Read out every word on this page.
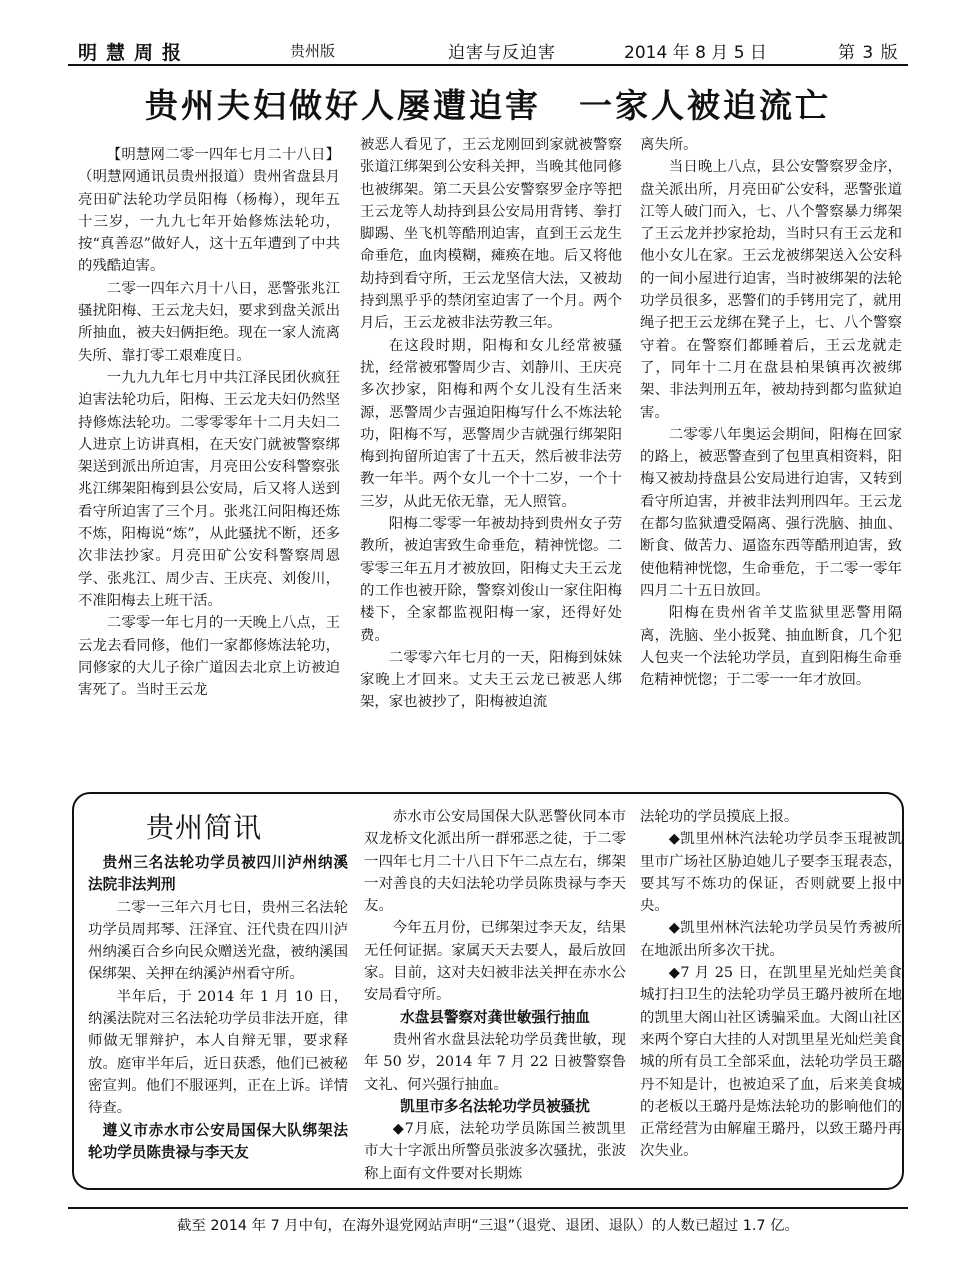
明慧周报	贵州版	迫害与反迫害	2014 年 8 月 5 日	第 3 版
贵州夫妇做好人屡遭迫害 一家人被迫流亡

【明慧网二零一四年七月二十八日】（明慧网通讯员贵州报道）贵州省盘县月亮田矿法轮功学员阳梅（杨梅），现年五十三岁，一九九七年开始修炼法轮功，按“真善忍”做好人，这十五年遭到了中共的残酷迫害。

二零一四年六月十八日，恶警张兆江骚扰阳梅、王云龙夫妇，要求到盘关派出所抽血，被夫妇俩拒绝。现在一家人流离失所、靠打零工艰难度日。

一九九九年七月中共江泽民团伙疯狂迫害法轮功后，阳梅、王云龙夫妇仍然坚持修炼法轮功。二零零零年十二月夫妇二人进京上访讲真相，在天安门就被警察绑架送到派出所迫害，月亮田公安科警察张兆江绑架阳梅到县公安局，后又将人送到看守所迫害了三个月。张兆江问阳梅还炼不炼，阳梅说“炼”，从此骚扰不断，还多次非法抄家。月亮田矿公安科警察周恩学、张兆江、周少吉、王庆亮、刘俊川，不准阳梅去上班干活。

二零零一年七月的一天晚上八点，王云龙去看同修，他们一家都修炼法轮功，同修家的大儿子徐广道因去北京上访被迫害死了。当时王云龙

被恶人看见了，王云龙刚回到家就被警察张道江绑架到公安科关押，当晚其他同修也被绑架。第二天县公安警察罗金序等把王云龙等人劫持到县公安局用背铐、拳打脚踢、坐飞机等酷刑迫害，直到王云龙生命垂危，血肉模糊，瘫痪在地。后又将他劫持到看守所，王云龙坚信大法，又被劫持到黑乎乎的禁闭室迫害了一个月。两个月后，王云龙被非法劳教三年。

在这段时期，阳梅和女儿经常被骚扰，经常被邪警周少吉、刘静川、王庆亮多次抄家，阳梅和两个女儿没有生活来源，恶警周少吉强迫阳梅写什么不炼法轮功，阳梅不写，恶警周少吉就强行绑架阳梅到拘留所迫害了十五天，然后被非法劳教一年半。两个女儿一个十二岁，一个十三岁，从此无依无靠，无人照管。

阳梅二零零一年被劫持到贵州女子劳教所，被迫害致生命垂危，精神恍惚。二零零三年五月才被放回，阳梅丈夫王云龙的工作也被开除，警察刘俊山一家住阳梅楼下，全家都监视阳梅一家，还得好处费。

二零零六年七月的一天，阳梅到妹妹家晚上才回来。丈夫王云龙已被恶人绑架，家也被抄了，阳梅被迫流

离失所。

当日晚上八点，县公安警察罗金序，盘关派出所，月亮田矿公安科，恶警张道江等人破门而入，七、八个警察暴力绑架了王云龙并抄家抢劫，当时只有王云龙和他小女儿在家。王云龙被绑架送入公安科的一间小屋进行迫害，当时被绑架的法轮功学员很多，恶警们的手铐用完了，就用绳子把王云龙绑在凳子上，七、八个警察守着。在警察们都睡着后，王云龙就走了，同年十二月在盘县柏果镇再次被绑架、非法判刑五年，被劫持到都匀监狱迫害。

二零零八年奥运会期间，阳梅在回家的路上，被恶警查到了包里真相资料，阳梅又被劫持盘县公安局进行迫害，又转到看守所迫害，并被非法判刑四年。王云龙在都匀监狱遭受隔离、强行洗脑、抽血、断食、做苦力、逼盗东西等酷刑迫害，致使他精神恍惚，生命垂危，于二零一零年四月二十五日放回。

阳梅在贵州省羊艾监狱里恶警用隔离，洗脑、坐小扳凳、抽血断食，几个犯人包夹一个法轮功学员，直到阳梅生命垂危精神恍惚；于二零一一年才放回。

贵州简讯

贵州三名法轮功学员被四川泸州纳溪法院非法判刑

二零一三年六月七日，贵州三名法轮功学员周邦琴、汪泽宜、汪代贵在四川泸州纳溪百合乡向民众赠送光盘，被纳溪国保绑架、关押在纳溪泸州看守所。

半年后，于 2014 年 1 月 10 日，纳溪法院对三名法轮功学员非法开庭，律师做无罪辩护，本人自辩无罪，要求释放。庭审半年后，近日获悉，他们已被秘密宣判。他们不服诬判，正在上诉。详情待查。

遵义市赤水市公安局国保大队绑架法轮功学员陈贵禄与李天友

赤水市公安局国保大队恶警伙同本市双龙桥文化派出所一群邪恶之徒，于二零一四年七月二十八日下午二点左右，绑架一对善良的夫妇法轮功学员陈贵禄与李天友。

今年五月份，已绑架过李天友，结果无任何证据。家属天天去要人，最后放回家。目前，这对夫妇被非法关押在赤水公安局看守所。

水盘县警察对龚世敏强行抽血

贵州省水盘县法轮功学员龚世敏，现年 50 岁，2014 年 7 月 22 日被警察鲁文礼、何兴强行抽血。

凯里市多名法轮功学员被骚扰

◆7月底，法轮功学员陈国兰被凯里市大十字派出所警员张波多次骚扰，张波称上面有文件要对长期炼

法轮功的学员摸底上报。

◆凯里州林汽法轮功学员李玉琨被凯里市广场社区胁迫她儿子要李玉琨表态，要其写不炼功的保证，否则就要上报中央。

◆凯里州林汽法轮功学员吴竹秀被所在地派出所多次干扰。

◆7 月 25 日，在凯里星光灿烂美食城打扫卫生的法轮功学员王璐丹被所在地的凯里大阁山社区诱骗采血。大阁山社区来两个穿白大挂的人对凯里星光灿烂美食城的所有员工全部采血，法轮功学员王璐丹不知是计，也被迫采了血，后来美食城的老板以王璐丹是炼法轮功的影响他们的正常经营为由解雇王璐丹，以致王璐丹再次失业。

截至 2014 年 7 月中旬，在海外退党网站声明“三退”（退党、退团、退队）的人数已超过 1.7 亿。
